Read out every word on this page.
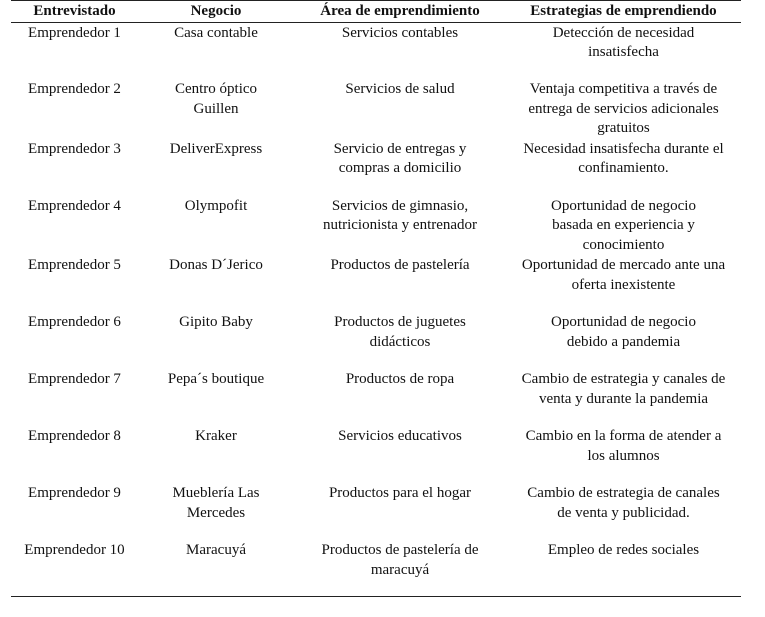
Entrevistado	Negocio	Área de emprendimiento	Estrategias de emprendiendo
Emprendedor 1	Casa contable	Servicios contables	Detección de necesidad insatisfecha
Emprendedor 2	Centro óptico Guillen	Servicios de salud	Ventaja competitiva a través de entrega de servicios adicionales gratuitos
Emprendedor 3	DeliverExpress	Servicio de entregas y compras a domicilio	Necesidad insatisfecha durante el confinamiento.
Emprendedor 4	Olympofit	Servicios de gimnasio, nutricionista y entrenador	Oportunidad de negocio basada en experiencia y conocimiento
Emprendedor 5	Donas D´Jerico	Productos de pastelería	Oportunidad de mercado ante una oferta inexistente
Emprendedor 6	Gipito Baby	Productos de juguetes didácticos	Oportunidad de negocio debido a pandemia
Emprendedor 7	Pepa´s boutique	Productos de ropa	Cambio de estrategia y canales de venta y durante la pandemia
Emprendedor 8	Kraker	Servicios educativos	Cambio en la forma de atender a los alumnos
Emprendedor 9	Mueblería Las Mercedes	Productos para el hogar	Cambio de estrategia de canales de venta y publicidad.
Emprendedor 10	Maracuyá	Productos de pastelería de maracuyá	Empleo de redes sociales
